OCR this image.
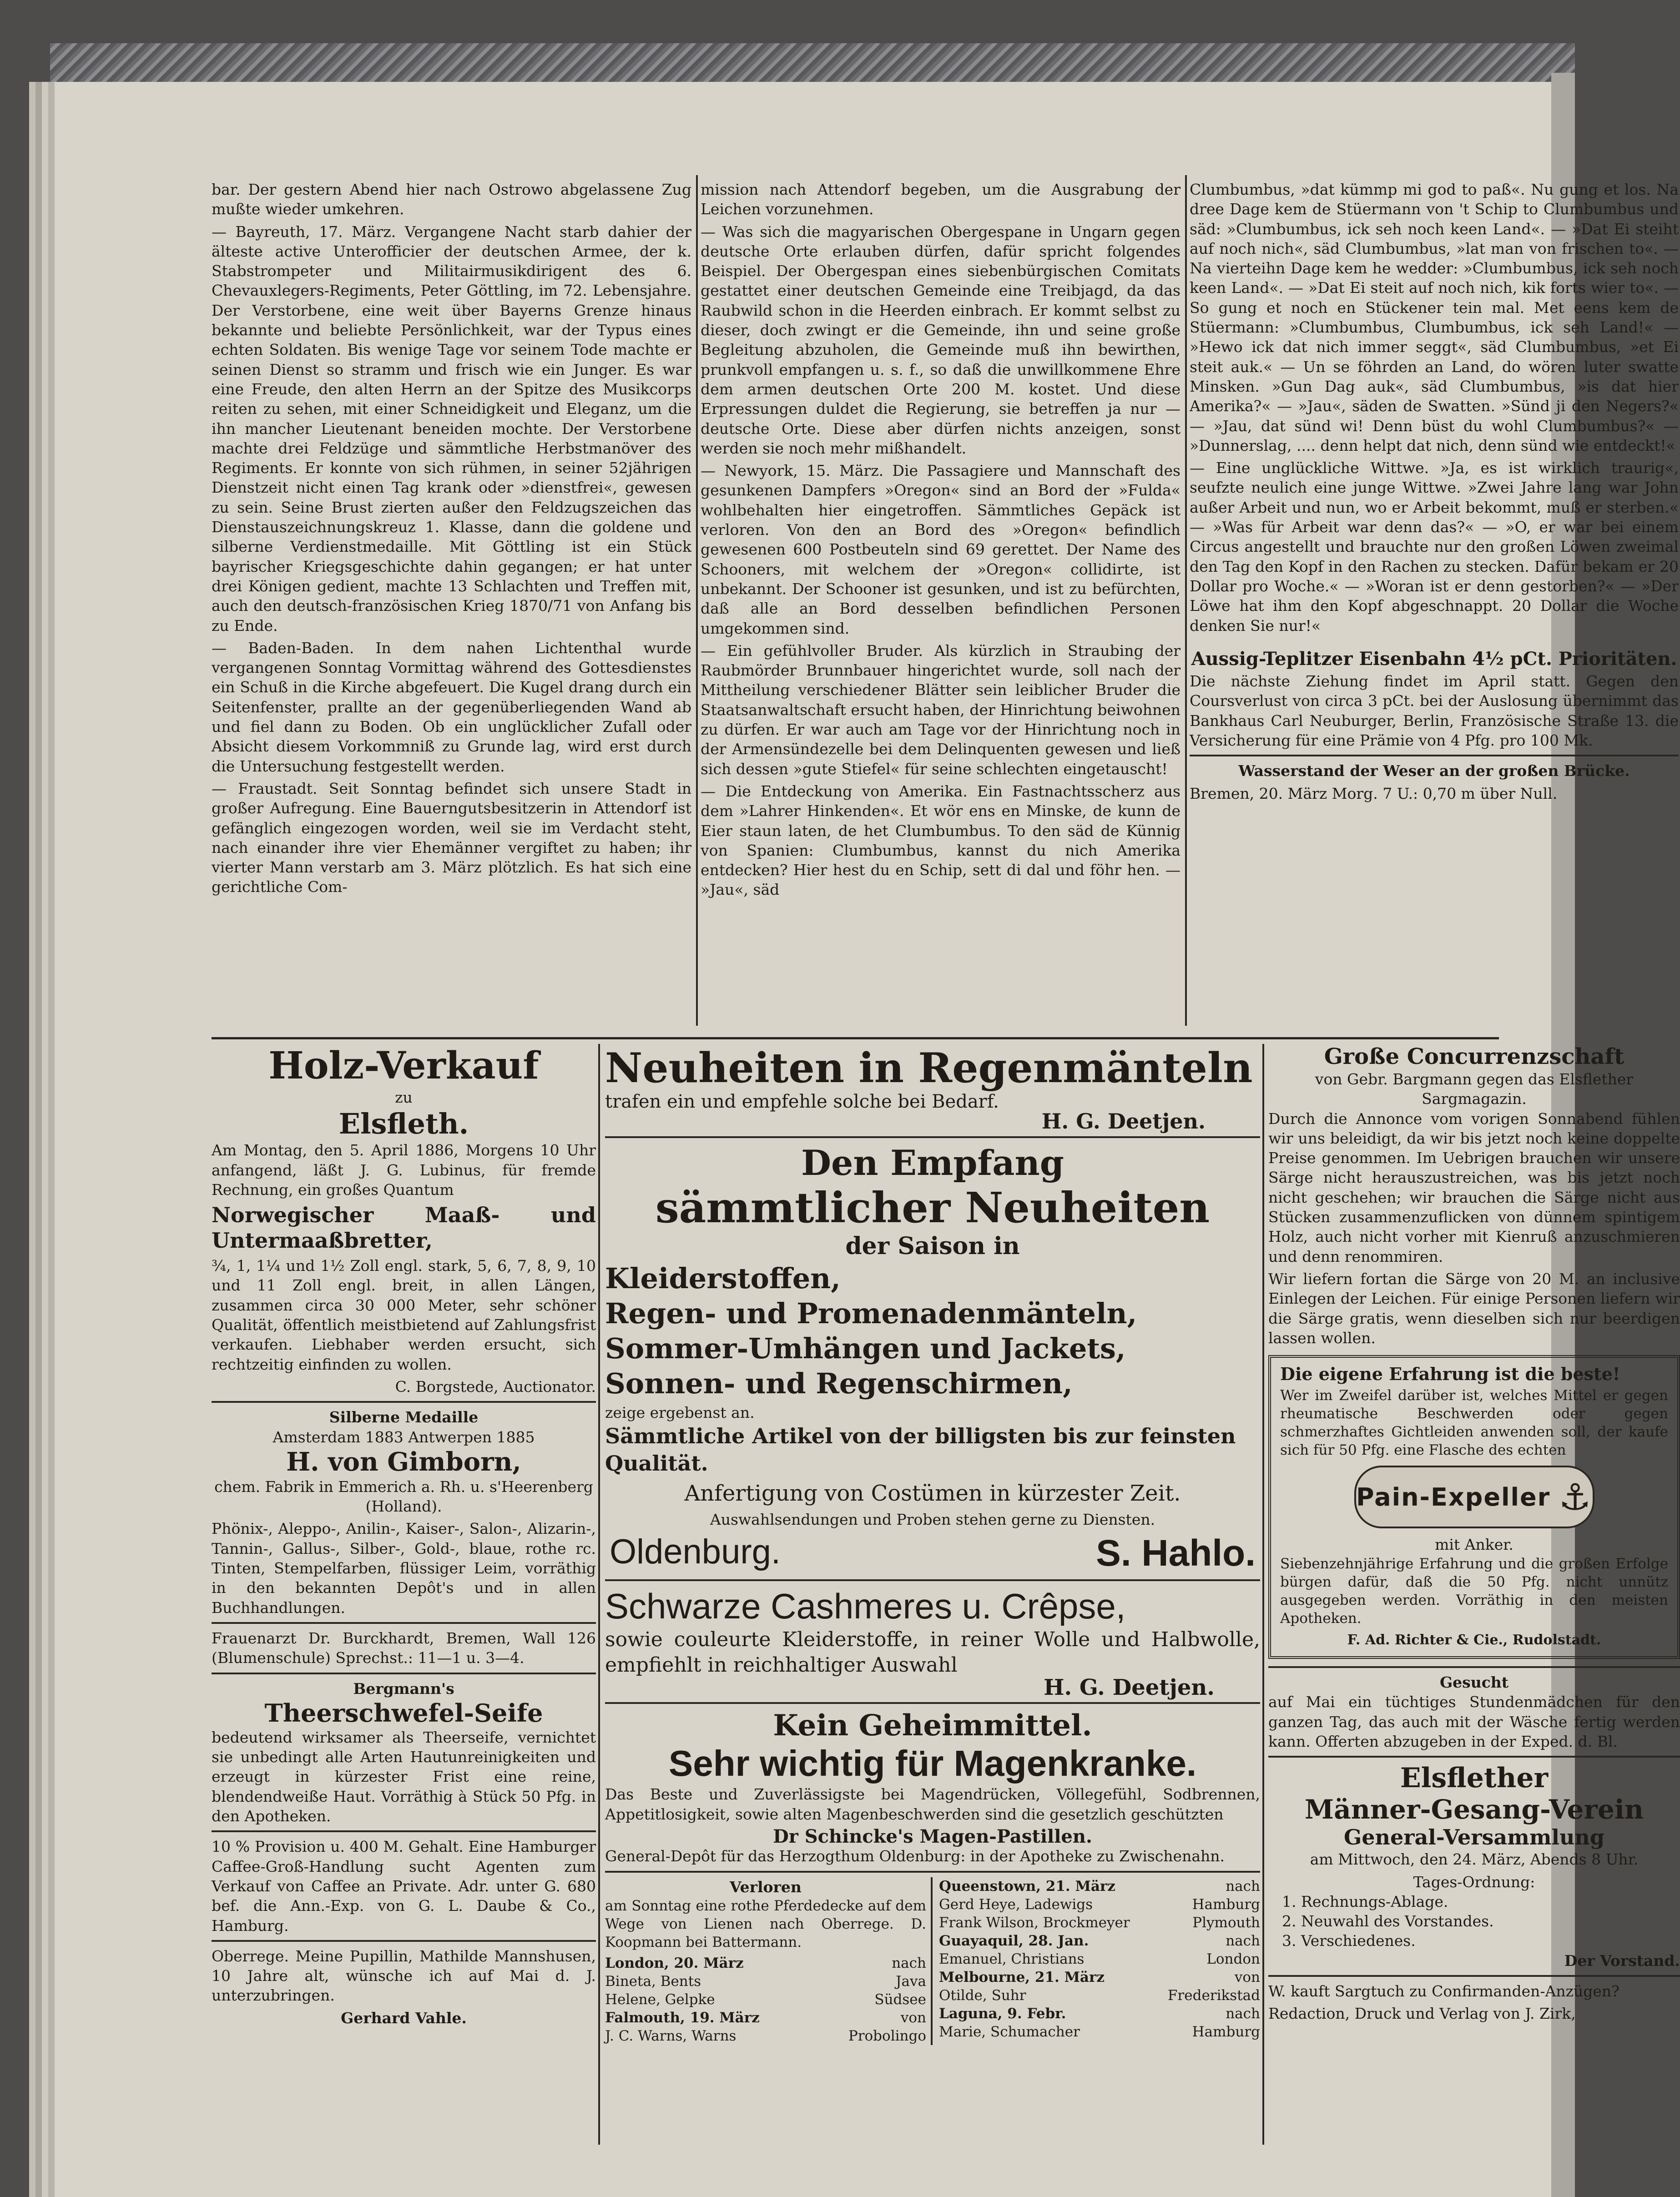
bar. Der gestern Abend hier nach Ostrowo abgelassene Zug mußte wieder umkehren.

— Bayreuth, 17. März. Vergangene Nacht starb dahier der älteste active Unterofficier der deutschen Armee, der k. Stabstrompeter und Militairmusikdirigent des 6. Chevauxlegers-Regiments, Peter Göttling, im 72. Lebensjahre. Der Verstorbene, eine weit über Bayerns Grenze hinaus bekannte und beliebte Persönlichkeit, war der Typus eines echten Soldaten. Bis wenige Tage vor seinem Tode machte er seinen Dienst so stramm und frisch wie ein Junger. Es war eine Freude, den alten Herrn an der Spitze des Musikcorps reiten zu sehen, mit einer Schneidigkeit und Eleganz, um die ihn mancher Lieutenant beneiden mochte. Der Verstorbene machte drei Feldzüge und sämmtliche Herbstmanöver des Regiments. Er konnte von sich rühmen, in seiner 52jährigen Dienstzeit nicht einen Tag krank oder »dienstfrei«, gewesen zu sein. Seine Brust zierten außer den Feldzugszeichen das Dienstauszeichnungskreuz 1. Klasse, dann die goldene und silberne Verdienstmedaille. Mit Göttling ist ein Stück bayrischer Kriegsgeschichte dahin gegangen; er hat unter drei Königen gedient, machte 13 Schlachten und Treffen mit, auch den deutsch-französischen Krieg 1870/71 von Anfang bis zu Ende.

— Baden-Baden. In dem nahen Lichtenthal wurde vergangenen Sonntag Vormittag während des Gottesdienstes ein Schuß in die Kirche abgefeuert. Die Kugel drang durch ein Seitenfenster, prallte an der gegenüberliegenden Wand ab und fiel dann zu Boden. Ob ein unglücklicher Zufall oder Absicht diesem Vorkommniß zu Grunde lag, wird erst durch die Untersuchung festgestellt werden.

— Fraustadt. Seit Sonntag befindet sich unsere Stadt in großer Aufregung. Eine Bauerngutsbesitzerin in Attendorf ist gefänglich eingezogen worden, weil sie im Verdacht steht, nach einander ihre vier Ehemänner vergiftet zu haben; ihr vierter Mann verstarb am 3. März plötzlich. Es hat sich eine gerichtliche Com-

mission nach Attendorf begeben, um die Ausgrabung der Leichen vorzunehmen.

— Was sich die magyarischen Obergespane in Ungarn gegen deutsche Orte erlauben dürfen, dafür spricht folgendes Beispiel. Der Obergespan eines siebenbürgischen Comitats gestattet einer deutschen Gemeinde eine Treibjagd, da das Raubwild schon in die Heerden einbrach. Er kommt selbst zu dieser, doch zwingt er die Gemeinde, ihn und seine große Begleitung abzuholen, die Gemeinde muß ihn bewirthen, prunkvoll empfangen u. s. f., so daß die unwillkommene Ehre dem armen deutschen Orte 200 M. kostet. Und diese Erpressungen duldet die Regierung, sie betreffen ja nur — deutsche Orte. Diese aber dürfen nichts anzeigen, sonst werden sie noch mehr mißhandelt.

— Newyork, 15. März. Die Passagiere und Mannschaft des gesunkenen Dampfers »Oregon« sind an Bord der »Fulda« wohlbehalten hier eingetroffen. Sämmtliches Gepäck ist verloren. Von den an Bord des »Oregon« befindlich gewesenen 600 Postbeuteln sind 69 gerettet. Der Name des Schooners, mit welchem der »Oregon« collidirte, ist unbekannt. Der Schooner ist gesunken, und ist zu befürchten, daß alle an Bord desselben befindlichen Personen umgekommen sind.

— Ein gefühlvoller Bruder. Als kürzlich in Straubing der Raubmörder Brunnbauer hingerichtet wurde, soll nach der Mittheilung verschiedener Blätter sein leiblicher Bruder die Staatsanwaltschaft ersucht haben, der Hinrichtung beiwohnen zu dürfen. Er war auch am Tage vor der Hinrichtung noch in der Armensündezelle bei dem Delinquenten gewesen und ließ sich dessen »gute Stiefel« für seine schlechten eingetauscht!

— Die Entdeckung von Amerika. Ein Fastnachtsscherz aus dem »Lahrer Hinkenden«. Et wör ens en Minske, de kunn de Eier staun laten, de het Clumbumbus. To den säd de Künnig von Spanien: Clumbumbus, kannst du nich Amerika entdecken? Hier hest du en Schip, sett di dal und föhr hen. — »Jau«, säd

Clumbumbus, »dat kümmp mi god to paß«. Nu gung et los. Na dree Dage kem de Stüermann von 't Schip to Clumbumbus und säd: »Clumbumbus, ick seh noch keen Land«. — »Dat Ei steiht auf noch nich«, säd Clumbumbus, »lat man von frischen to«. — Na vierteihn Dage kem he wedder: »Clumbumbus, ick seh noch keen Land«. — »Dat Ei steit auf noch nich, kik forts wier to«. — So gung et noch en Stückener tein mal. Met eens kem de Stüermann: »Clumbumbus, Clumbumbus, ick seh Land!« — »Hewo ick dat nich immer seggt«, säd Clumbumbus, »et Ei steit auk.« — Un se föhrden an Land, do wören luter swatte Minsken. »Gun Dag auk«, säd Clumbumbus, »is dat hier Amerika?« — »Jau«, säden de Swatten. »Sünd ji den Negers?« — »Jau, dat sünd wi! Denn büst du wohl Clumbumbus?« — »Dunnerslag, .... denn helpt dat nich, denn sünd wie entdeckt!«

— Eine unglückliche Wittwe. »Ja, es ist wirklich traurig«, seufzte neulich eine junge Wittwe. »Zwei Jahre lang war John außer Arbeit und nun, wo er Arbeit bekommt, muß er sterben.« — »Was für Arbeit war denn das?« — »O, er war bei einem Circus angestellt und brauchte nur den großen Löwen zweimal den Tag den Kopf in den Rachen zu stecken. Dafür bekam er 20 Dollar pro Woche.« — »Woran ist er denn gestorben?« — »Der Löwe hat ihm den Kopf abgeschnappt. 20 Dollar die Woche denken Sie nur!«

Aussig-Teplitzer Eisenbahn 4½ pCt. Prioritäten.

Die nächste Ziehung findet im April statt. Gegen den Coursverlust von circa 3 pCt. bei der Auslosung übernimmt das Bankhaus Carl Neuburger, Berlin, Französische Straße 13. die Versicherung für eine Prämie von 4 Pfg. pro 100 Mk.

Wasserstand der Weser an der großen Brücke.

Bremen, 20. März Morg. 7 U.: 0,70 m über Null.

Holz-Verkauf

zu

Elsfleth.

Am Montag, den 5. April 1886, Morgens 10 Uhr anfangend, läßt J. G. Lubinus, für fremde Rechnung, ein großes Quantum

Norwegischer Maaß- und Untermaaßbretter,

¾, 1, 1¼ und 1½ Zoll engl. stark, 5, 6, 7, 8, 9, 10 und 11 Zoll engl. breit, in allen Längen, zusammen circa 30 000 Meter, sehr schöner Qualität, öffentlich meistbietend auf Zahlungsfrist verkaufen. Liebhaber werden ersucht, sich rechtzeitig einfinden zu wollen.

C. Borgstede, Auctionator.

Silberne Medaille

Amsterdam 1883 Antwerpen 1885

H. von Gimborn,

chem. Fabrik in Emmerich a. Rh. u. s'Heerenberg (Holland).

Phönix-, Aleppo-, Anilin-, Kaiser-, Salon-, Alizarin-, Tannin-, Gallus-, Silber-, Gold-, blaue, rothe rc. Tinten, Stempelfarben, flüssiger Leim, vorräthig in den bekannten Depôt's und in allen Buchhandlungen.

Frauenarzt Dr. Burckhardt, Bremen, Wall 126 (Blumenschule) Sprechst.: 11—1 u. 3—4.

Bergmann's

Theerschwefel-Seife

bedeutend wirksamer als Theerseife, vernichtet sie unbedingt alle Arten Hautunreinigkeiten und erzeugt in kürzester Frist eine reine, blendendweiße Haut. Vorräthig à Stück 50 Pfg. in den Apotheken.

10 % Provision u. 400 M. Gehalt. Eine Hamburger Caffee-Groß-Handlung sucht Agenten zum Verkauf von Caffee an Private. Adr. unter G. 680 bef. die Ann.-Exp. von G. L. Daube & Co., Hamburg.

Oberrege. Meine Pupillin, Mathilde Mannshusen, 10 Jahre alt, wünsche ich auf Mai d. J. unterzubringen.

Gerhard Vahle.

Neuheiten in Regenmänteln

trafen ein und empfehle solche bei Bedarf.

H. G. Deetjen.

Den Empfang

sämmtlicher Neuheiten

der Saison in

Kleiderstoffen,

Regen- und Promenadenmänteln,

Sommer-Umhängen und Jackets,

Sonnen- und Regenschirmen,

zeige ergebenst an.

Sämmtliche Artikel von der billigsten bis zur feinsten Qualität.

Anfertigung von Costümen in kürzester Zeit.

Auswahlsendungen und Proben stehen gerne zu Diensten.

Oldenburg.	S. Hahlo.

Schwarze Cashmeres u. Crêpse,

sowie couleurte Kleiderstoffe, in reiner Wolle und Halbwolle, empfiehlt in reichhaltiger Auswahl

H. G. Deetjen.

Kein Geheimmittel.

Sehr wichtig für Magenkranke.

Das Beste und Zuverlässigste bei Magendrücken, Völlegefühl, Sodbrennen, Appetitlosigkeit, sowie alten Magenbeschwerden sind die gesetzlich geschützten

Dr Schincke's Magen-Pastillen.

General-Depôt für das Herzogthum Oldenburg: in der Apotheke zu Zwischenahn.

Verloren

am Sonntag eine rothe Pferdedecke auf dem Wege von Lienen nach Oberrege. D. Koopmann bei Battermann.

London, 20. März	nach
Bineta, Bents	Java
Helene, Gelpke	Südsee
Falmouth, 19. März	von
J. C. Warns, Warns	Probolingo
Queenstown, 21. März	nach
Gerd Heye, Ladewigs	Hamburg
Frank Wilson, Brockmeyer	Plymouth
Guayaquil, 28. Jan.	nach
Emanuel, Christians	London
Melbourne, 21. März	von
Otilde, Suhr	Frederikstad
Laguna, 9. Febr.	nach
Marie, Schumacher	Hamburg

Große Concurrenzschaft

von Gebr. Bargmann gegen das Elsflether Sargmagazin.

Durch die Annonce vom vorigen Sonnabend fühlen wir uns beleidigt, da wir bis jetzt noch keine doppelte Preise genommen. Im Uebrigen brauchen wir unsere Särge nicht herauszustreichen, was bis jetzt noch nicht geschehen; wir brauchen die Särge nicht aus Stücken zusammenzuflicken von dünnem spintigem Holz, auch nicht vorher mit Kienruß anzuschmieren und denn renommiren.

Wir liefern fortan die Särge von 20 M. an inclusive Einlegen der Leichen. Für einige Personen liefern wir die Särge gratis, wenn dieselben sich nur beerdigen lassen wollen.

Die eigene Erfahrung ist die beste!

Wer im Zweifel darüber ist, welches Mittel er gegen rheumatische Beschwerden oder gegen schmerzhaftes Gichtleiden anwenden soll, der kaufe sich für 50 Pfg. eine Flasche des echten

Pain-Expeller ⚓

mit Anker.

Siebenzehnjährige Erfahrung und die großen Erfolge bürgen dafür, daß die 50 Pfg. nicht unnütz ausgegeben werden. Vorräthig in den meisten Apotheken.

F. Ad. Richter & Cie., Rudolstadt.

Gesucht

auf Mai ein tüchtiges Stundenmädchen für den ganzen Tag, das auch mit der Wäsche fertig werden kann. Offerten abzugeben in der Exped. d. Bl.

Elsflether

Männer-Gesang-Verein

General-Versammlung

am Mittwoch, den 24. März, Abends 8 Uhr.

Tages-Ordnung:

1. Rechnungs-Ablage.

2. Neuwahl des Vorstandes.

3. Verschiedenes.

Der Vorstand.

W. kauft Sargtuch zu Confirmanden-Anzügen?

Redaction, Druck und Verlag von J. Zirk,
